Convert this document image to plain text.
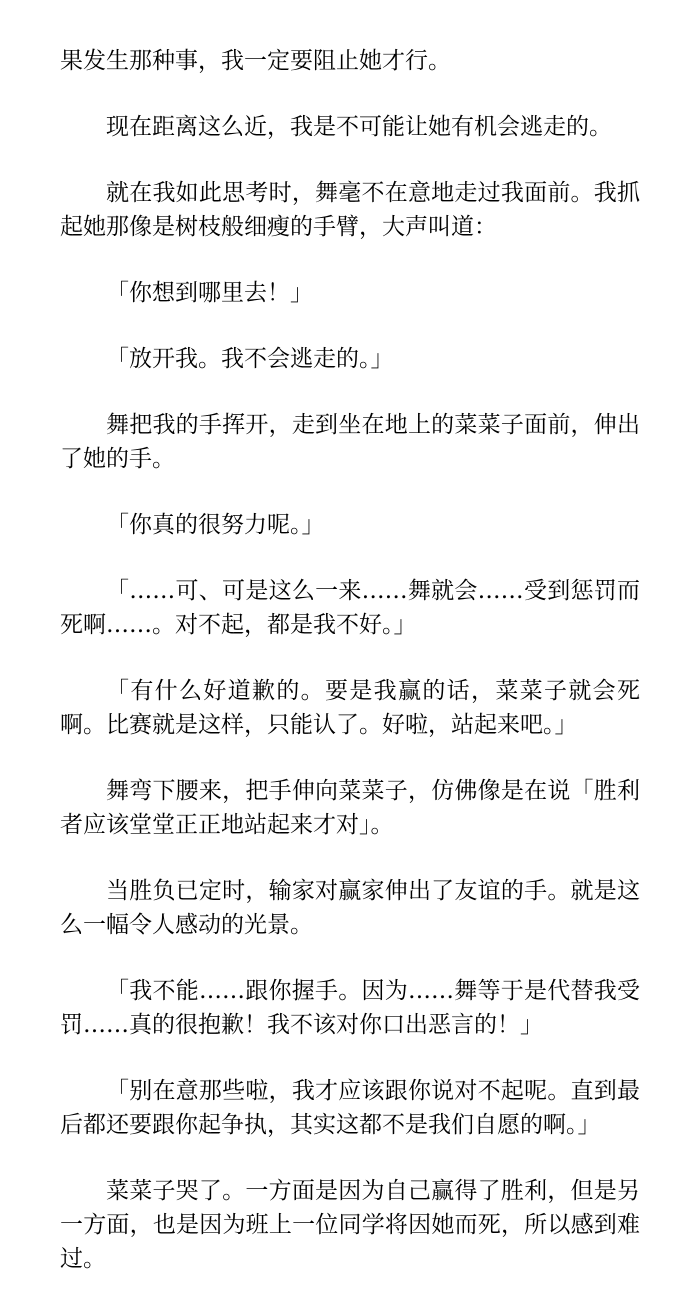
果发生那种事，我一定要阻止她才行。

现在距离这么近，我是不可能让她有机会逃走的。

就在我如此思考时，舞毫不在意地走过我面前。我抓起她那像是树枝般细瘦的手臂，大声叫道：

「你想到哪里去！」

「放开我。我不会逃走的。」

舞把我的手挥开，走到坐在地上的菜菜子面前，伸出了她的手。

「你真的很努力呢。」

「……可、可是这么一来……舞就会……受到惩罚而死啊……。对不起，都是我不好。」

「有什么好道歉的。要是我赢的话，菜菜子就会死啊。比赛就是这样，只能认了。好啦，站起来吧。」

舞弯下腰来，把手伸向菜菜子，仿佛像是在说「胜利者应该堂堂正正地站起来才对」。

当胜负已定时，输家对赢家伸出了友谊的手。就是这么一幅令人感动的光景。

「我不能……跟你握手。因为……舞等于是代替我受罚……真的很抱歉！我不该对你口出恶言的！」

「别在意那些啦，我才应该跟你说对不起呢。直到最后都还要跟你起争执，其实这都不是我们自愿的啊。」

菜菜子哭了。一方面是因为自己赢得了胜利，但是另一方面，也是因为班上一位同学将因她而死，所以感到难过。
